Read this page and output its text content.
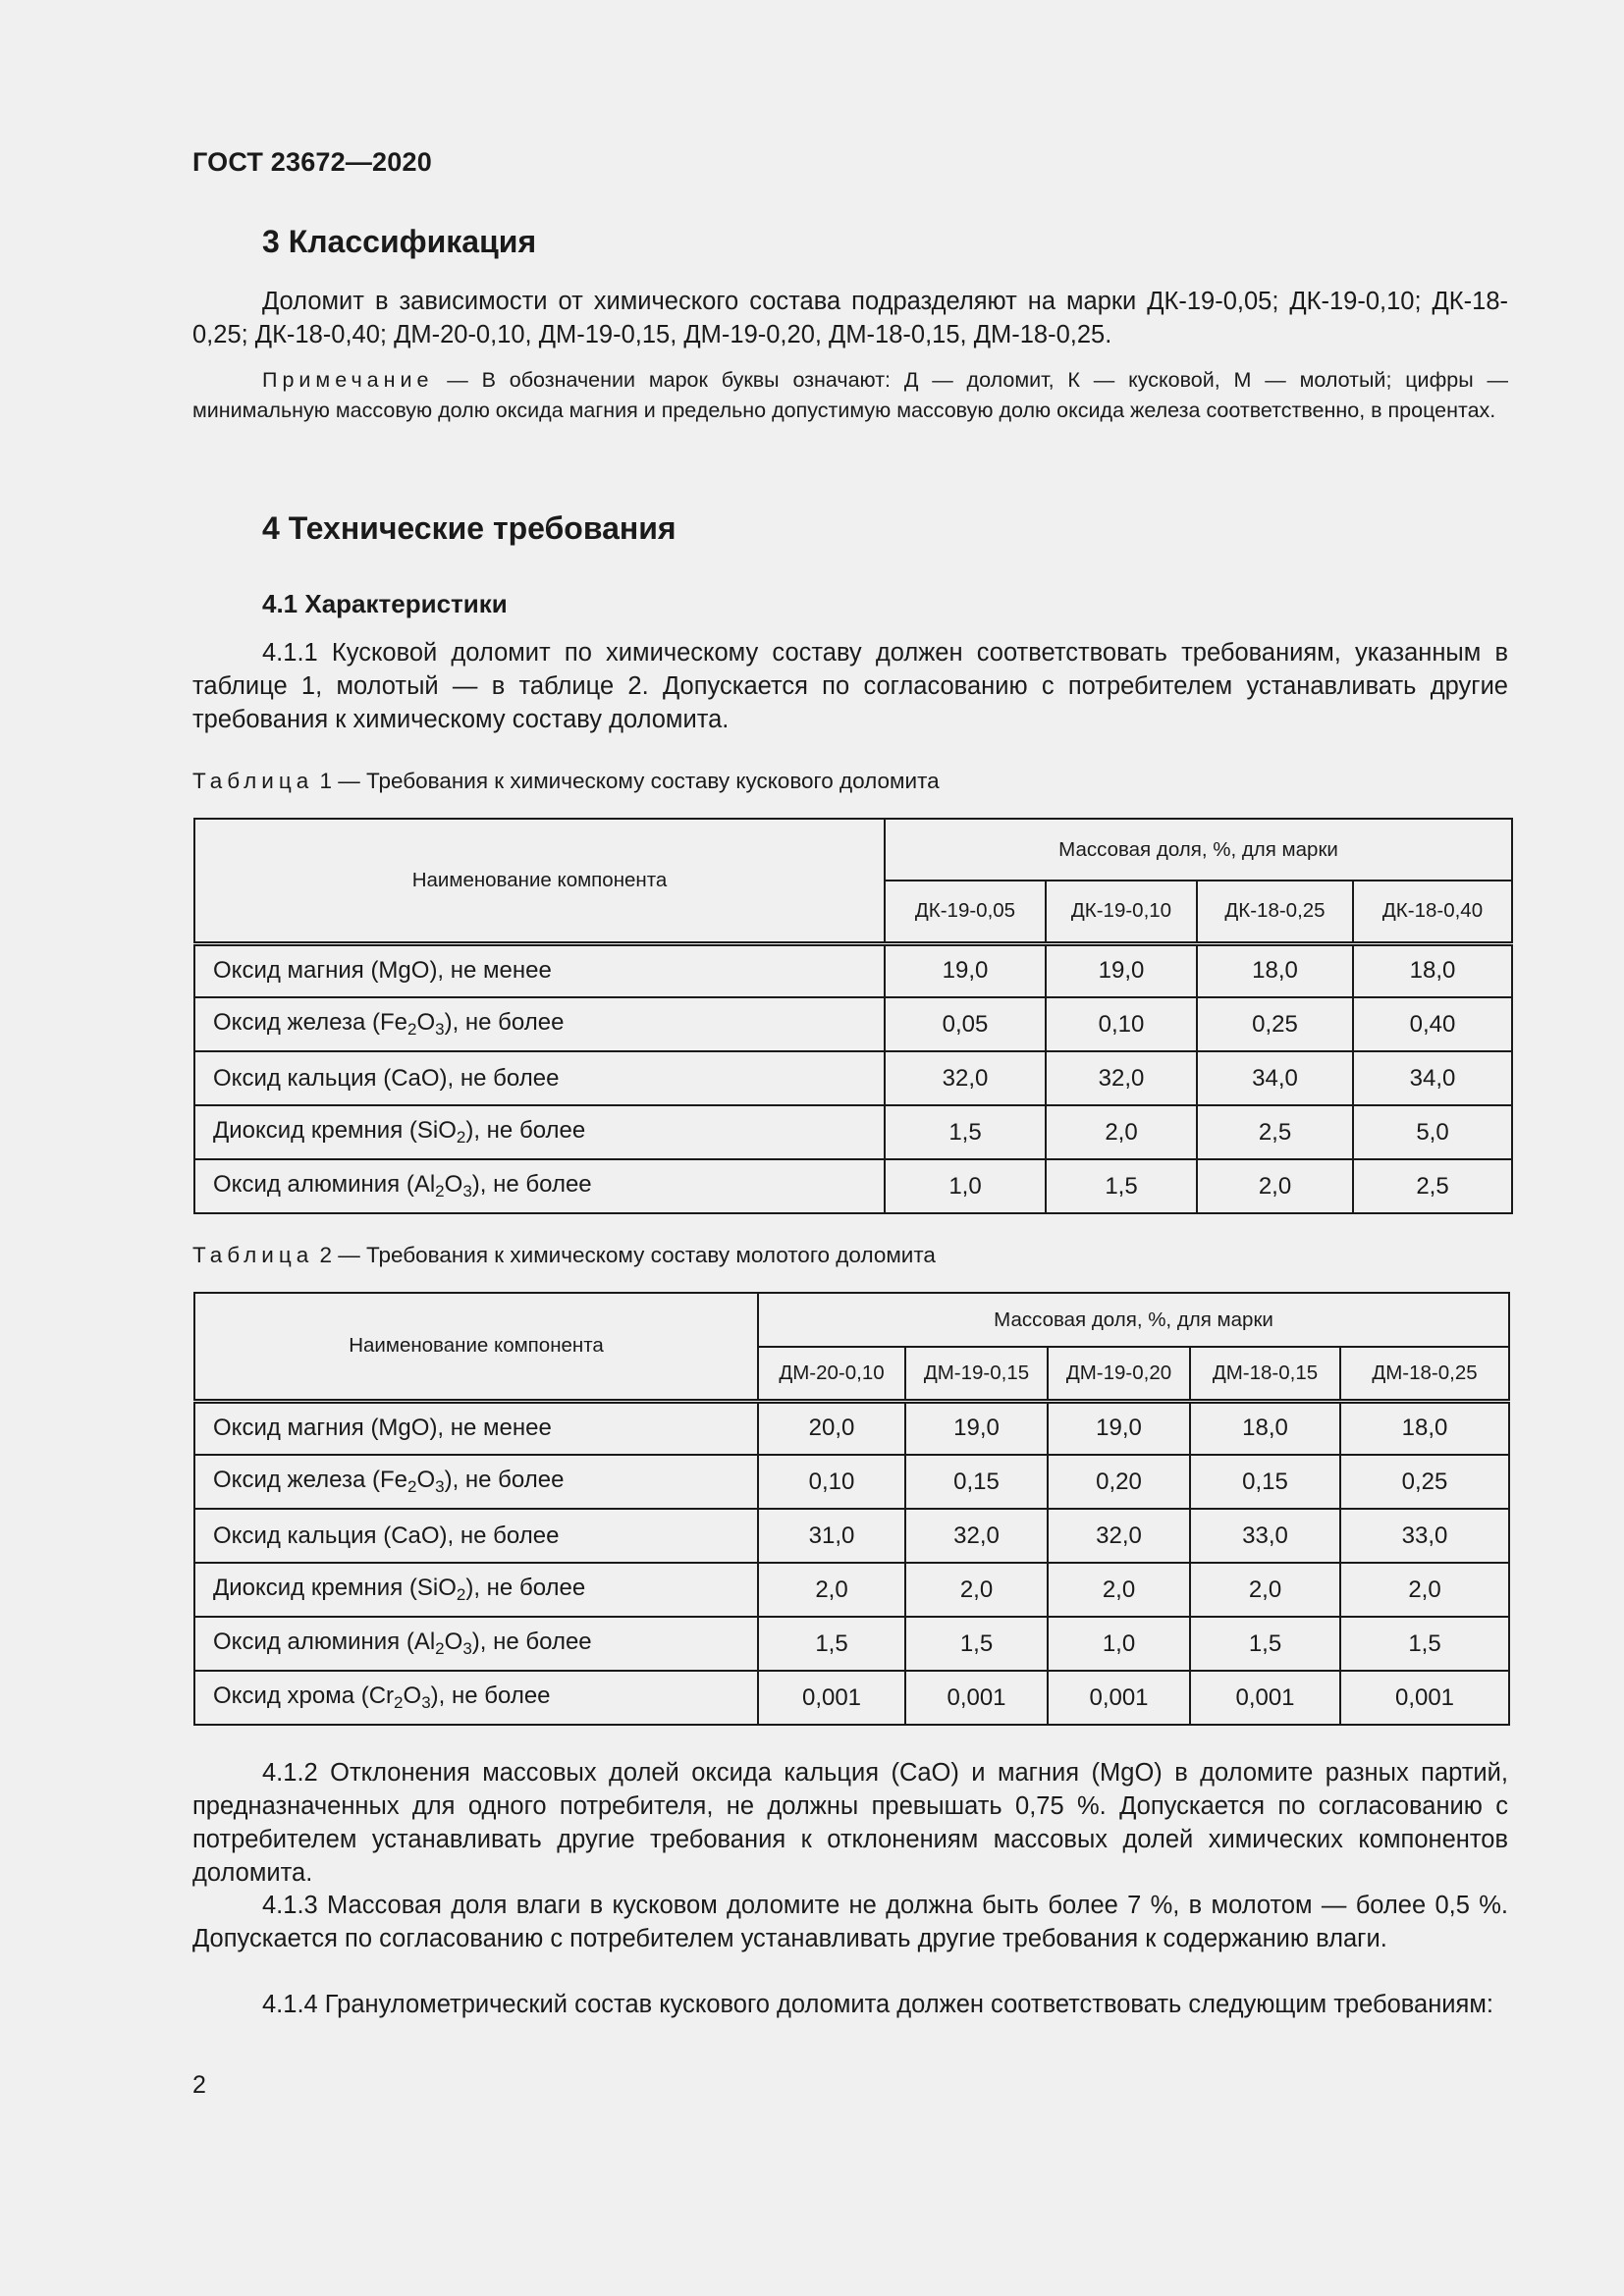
ГОСТ 23672—2020
3 Классификация
Доломит в зависимости от химического состава подразделяют на марки ДК-19-0,05; ДК-19-0,10; ДК-18-0,25; ДК-18-0,40; ДМ-20-0,10, ДМ-19-0,15, ДМ-19-0,20, ДМ-18-0,15, ДМ-18-0,25.
Примечание — В обозначении марок буквы означают: Д — доломит, К — кусковой, М — молотый; цифры — минимальную массовую долю оксида магния и предельно допустимую массовую долю оксида железа соответственно, в процентах.
4 Технические требования
4.1 Характеристики
4.1.1 Кусковой доломит по химическому составу должен соответствовать требованиям, указанным в таблице 1, молотый — в таблице 2. Допускается по согласованию с потребителем устанавливать другие требования к химическому составу доломита.
Таблица 1 — Требования к химическому составу кускового доломита
Наименование компонента	Массовая доля, %, для марки			
	ДК-19-0,05	ДК-19-0,10	ДК-18-0,25	ДК-18-0,40
Оксид магния (MgO), не менее	19,0	19,0	18,0	18,0
Оксид железа $(Fe_2O_3)$, не более	0,05	0,10	0,25	0,40
Оксид кальция (CaO), не более	32,0	32,0	34,0	34,0
Диоксид кремния (SiO$_2$), не более	1,5	2,0	2,5	5,0
Оксид алюминия $(Al_2O_3)$, не более	1,0	1,5	2,0	2,5
Таблица 2 — Требования к химическому составу молотого доломита
Наименование компонента	Массовая доля, %, для марки				
	ДМ-20-0,10	ДМ-19-0,15	ДМ-19-0,20	ДМ-18-0,15	ДМ-18-0,25
Оксид магния (MgO), не менее	20,0	19,0	19,0	18,0	18,0
Оксид железа $(Fe_2O_3)$, не более	0,10	0,15	0,20	0,15	0,25
Оксид кальция (CaO), не более	31,0	32,0	32,0	33,0	33,0
Диоксид кремния (SiO$_2$), не более	2,0	2,0	2,0	2,0	2,0
Оксид алюминия $(Al_2O_3)$, не более	1,5	1,5	1,0	1,5	1,5
Оксид хрома $(Cr_2O_3)$, не более	0,001	0,001	0,001	0,001	0,001
4.1.2 Отклонения массовых долей оксида кальция (CaO) и магния (MgO) в доломите разных партий, предназначенных для одного потребителя, не должны превышать 0,75 %. Допускается по согласованию с потребителем устанавливать другие требования к отклонениям массовых долей химических компонентов доломита.
4.1.3 Массовая доля влаги в кусковом доломите не должна быть более 7 %, в молотом — более 0,5 %. Допускается по согласованию с потребителем устанавливать другие требования к содержанию влаги.
4.1.4 Гранулометрический состав кускового доломита должен соответствовать следующим требованиям:
2
